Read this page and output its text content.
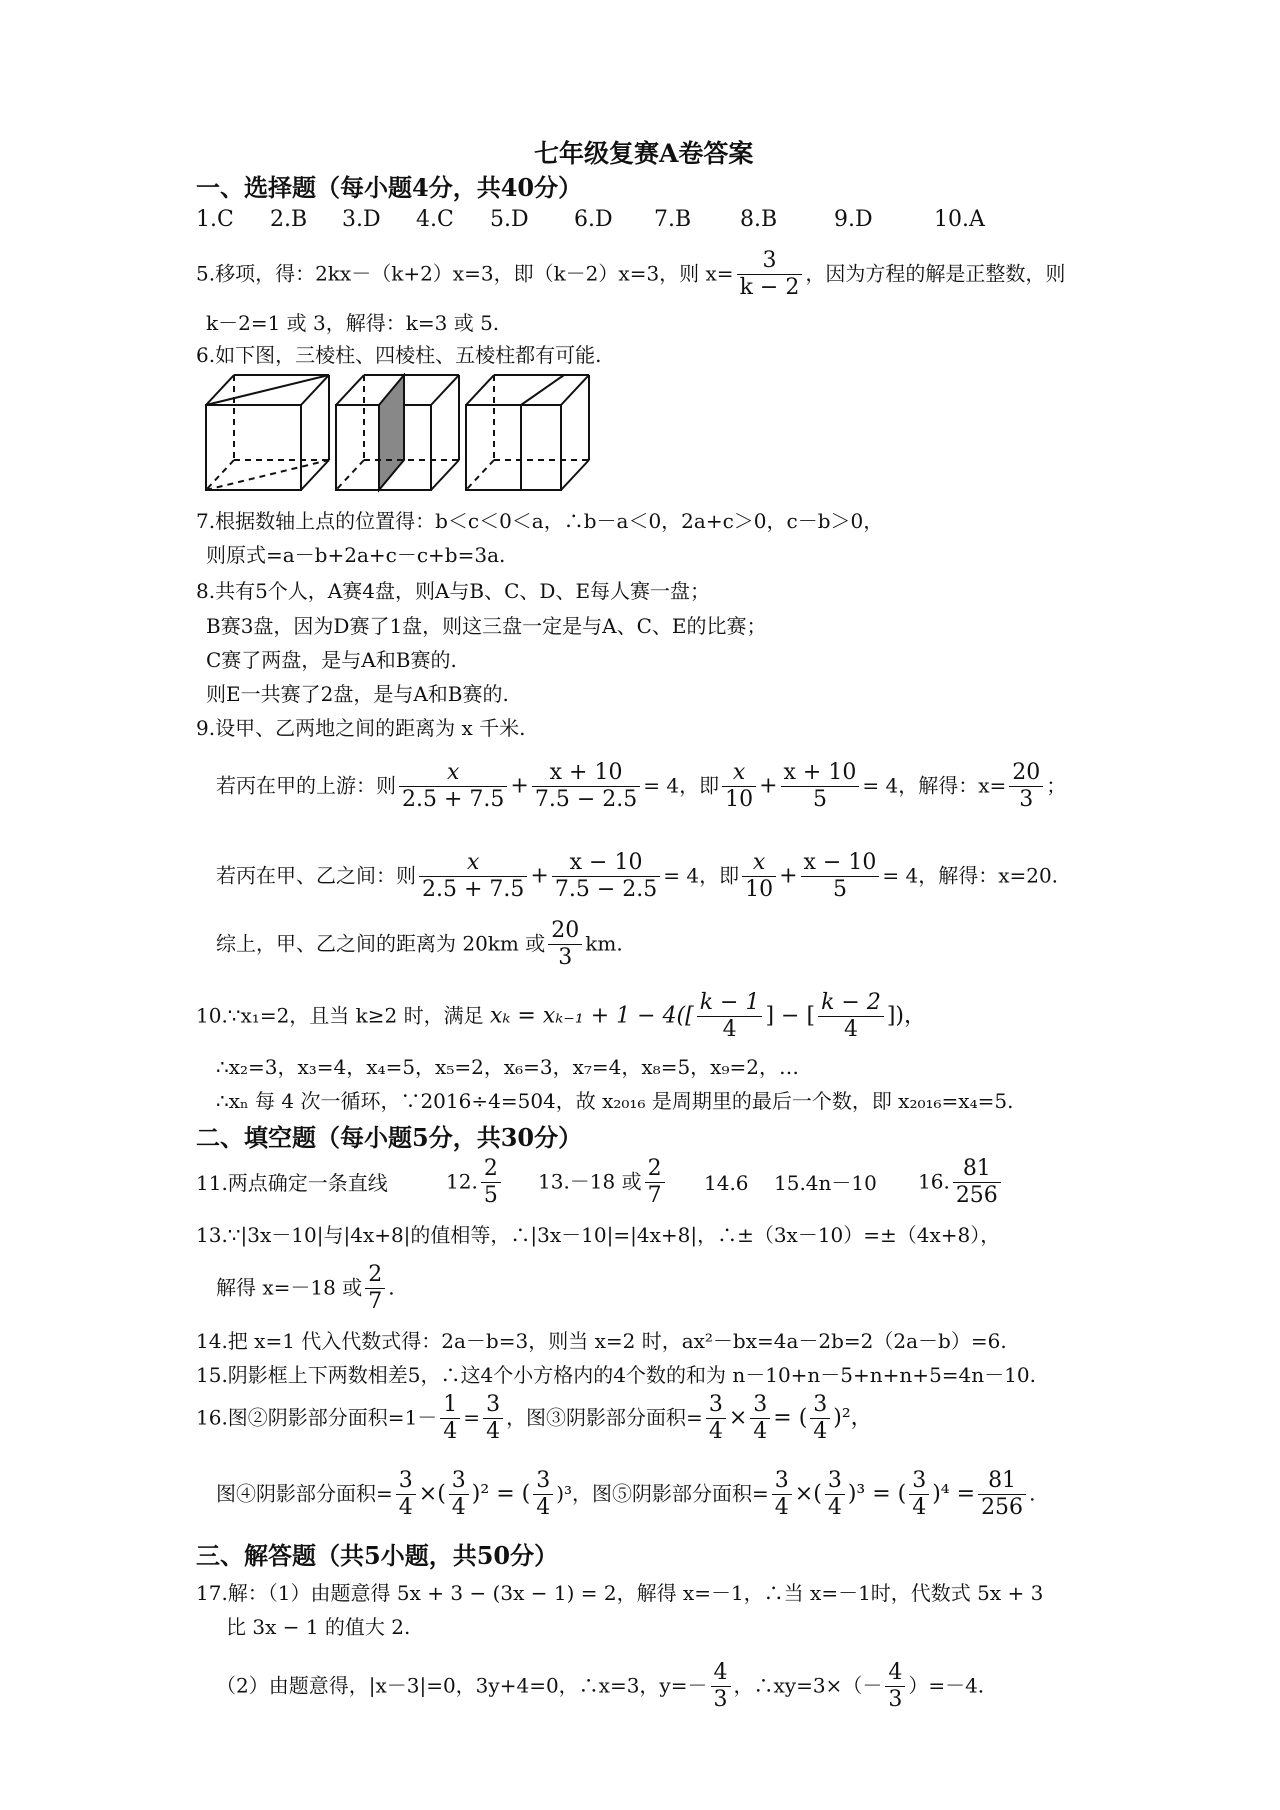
七年级复赛A卷答案
一、选择题（每小题4分，共40分）
1.C 2.B 3.D 4.C 5.D 6.D 7.B 8.B	9.D	10.A
5.移项，得：2kx－（k+2）x=3，即（k－2）x=3，则 $x= \frac{3}{k - 2}$ ，因为方程的解是正整数，则
k－2=1 或 3，解得：k=3 或 5.
6.如下图，三棱柱、四棱柱、五棱柱都有可能.
7.根据数轴上点的位置得：b＜c＜0＜a，∴b－a＜0，2a+c＞0，c－b＞0，
则原式=a－b+2a+c－c+b=3a.
8.共有5个人，A赛4盘，则A与B、C、D、E每人赛一盘；
B赛3盘，因为D赛了1盘，则这三盘一定是与A、C、E的比赛；
C赛了两盘，是与A和B赛的.
则E一共赛了2盘，是与A和B赛的.
9.设甲、乙两地之间的距离为 x 千米.
若丙在甲的上游：则 $\frac{x}{2.5 + 7.5} + \frac{x + 10}{7.5 - 2.5} = 4$，即 $\frac{x}{10} + \frac{x + 10}{5} = 4$，解得：$x= \frac{20}{3}$ ；
若丙在甲、乙之间：则 $\frac{x}{2.5 + 7.5} + \frac{x - 10}{7.5 - 2.5} = 4$，即 $\frac{x}{10} + \frac{x - 10}{5} = 4$，解得：x=20.
综上，甲、乙之间的距离为 20km 或 $\frac{20}{3}$ km.
10.∵x₁=2，且当 k≥2 时，满足 $x_k = x_{k-1} + 1 - 4([ \frac{k - 1}{4}$ ] − [ $\frac{k - 2}{4}$ ])，
∴x₂=3，x₃=4，x₄=5，x₅=2，x₆=3，x₇=4，x₈=5，x₉=2，…
∴xₙ 每 4 次一循环，∵2016÷4=504，故 x₂₀₁₆ 是周期里的最后一个数，即 x₂₀₁₆=x₄=5.
二、填空题（每小题5分，共30分）
11.两点确定一条直线	12. $\frac{2}{5} 13.-18$ 或 $\frac{2}{7} 14.6$ 15.4n－10 16. $\frac{81}{256}$
13.∵|3x－10|与|4x+8|的值相等，∴|3x－10|=|4x+8|，∴±（3x－10）=±（4x+8），
解得 x=－18 或 $\frac{2}{7}$ .
14.把 x=1 代入代数式得：2a－b=3，则当 x=2 时，ax²－bx=4a－2b=2（2a－b）=6.
15.阴影框上下两数相差5，∴这4个小方格内的4个数的和为 n－10+n－5+n+n+5=4n－10.
16.图②阴影部分面积$=1- \frac{1}{4} = \frac{3}{4}$ ，图③阴影部分面积= $\frac{3}{4} \times \frac{3}{4}$ = ( $\frac{3}{4} )^2$，
图④阴影部分面积= $\frac{3}{4}$ ×( $\frac{3}{4} )^2$ = ( $\frac{3}{4} )^3$，图⑤阴影部分面积= $\frac{3}{4}$ ×( $\frac{3}{4} )^3$ = ( $\frac{3}{4} )^4 = \frac{81}{256}$ .
三、解答题（共5小题，共50分）
17.解：（1）由题意得 5x + 3 − (3x − 1) = 2，解得 x=－1，∴当 x=－1时，代数式 5x + 3
比 3x − 1 的值大 2.
（2）由题意得，|x－3|=0，3y+4=0，∴x=3，$y=- \frac{4}{3}$ ，∴xy=3×（－ $\frac{4}{3} )=-4$.
